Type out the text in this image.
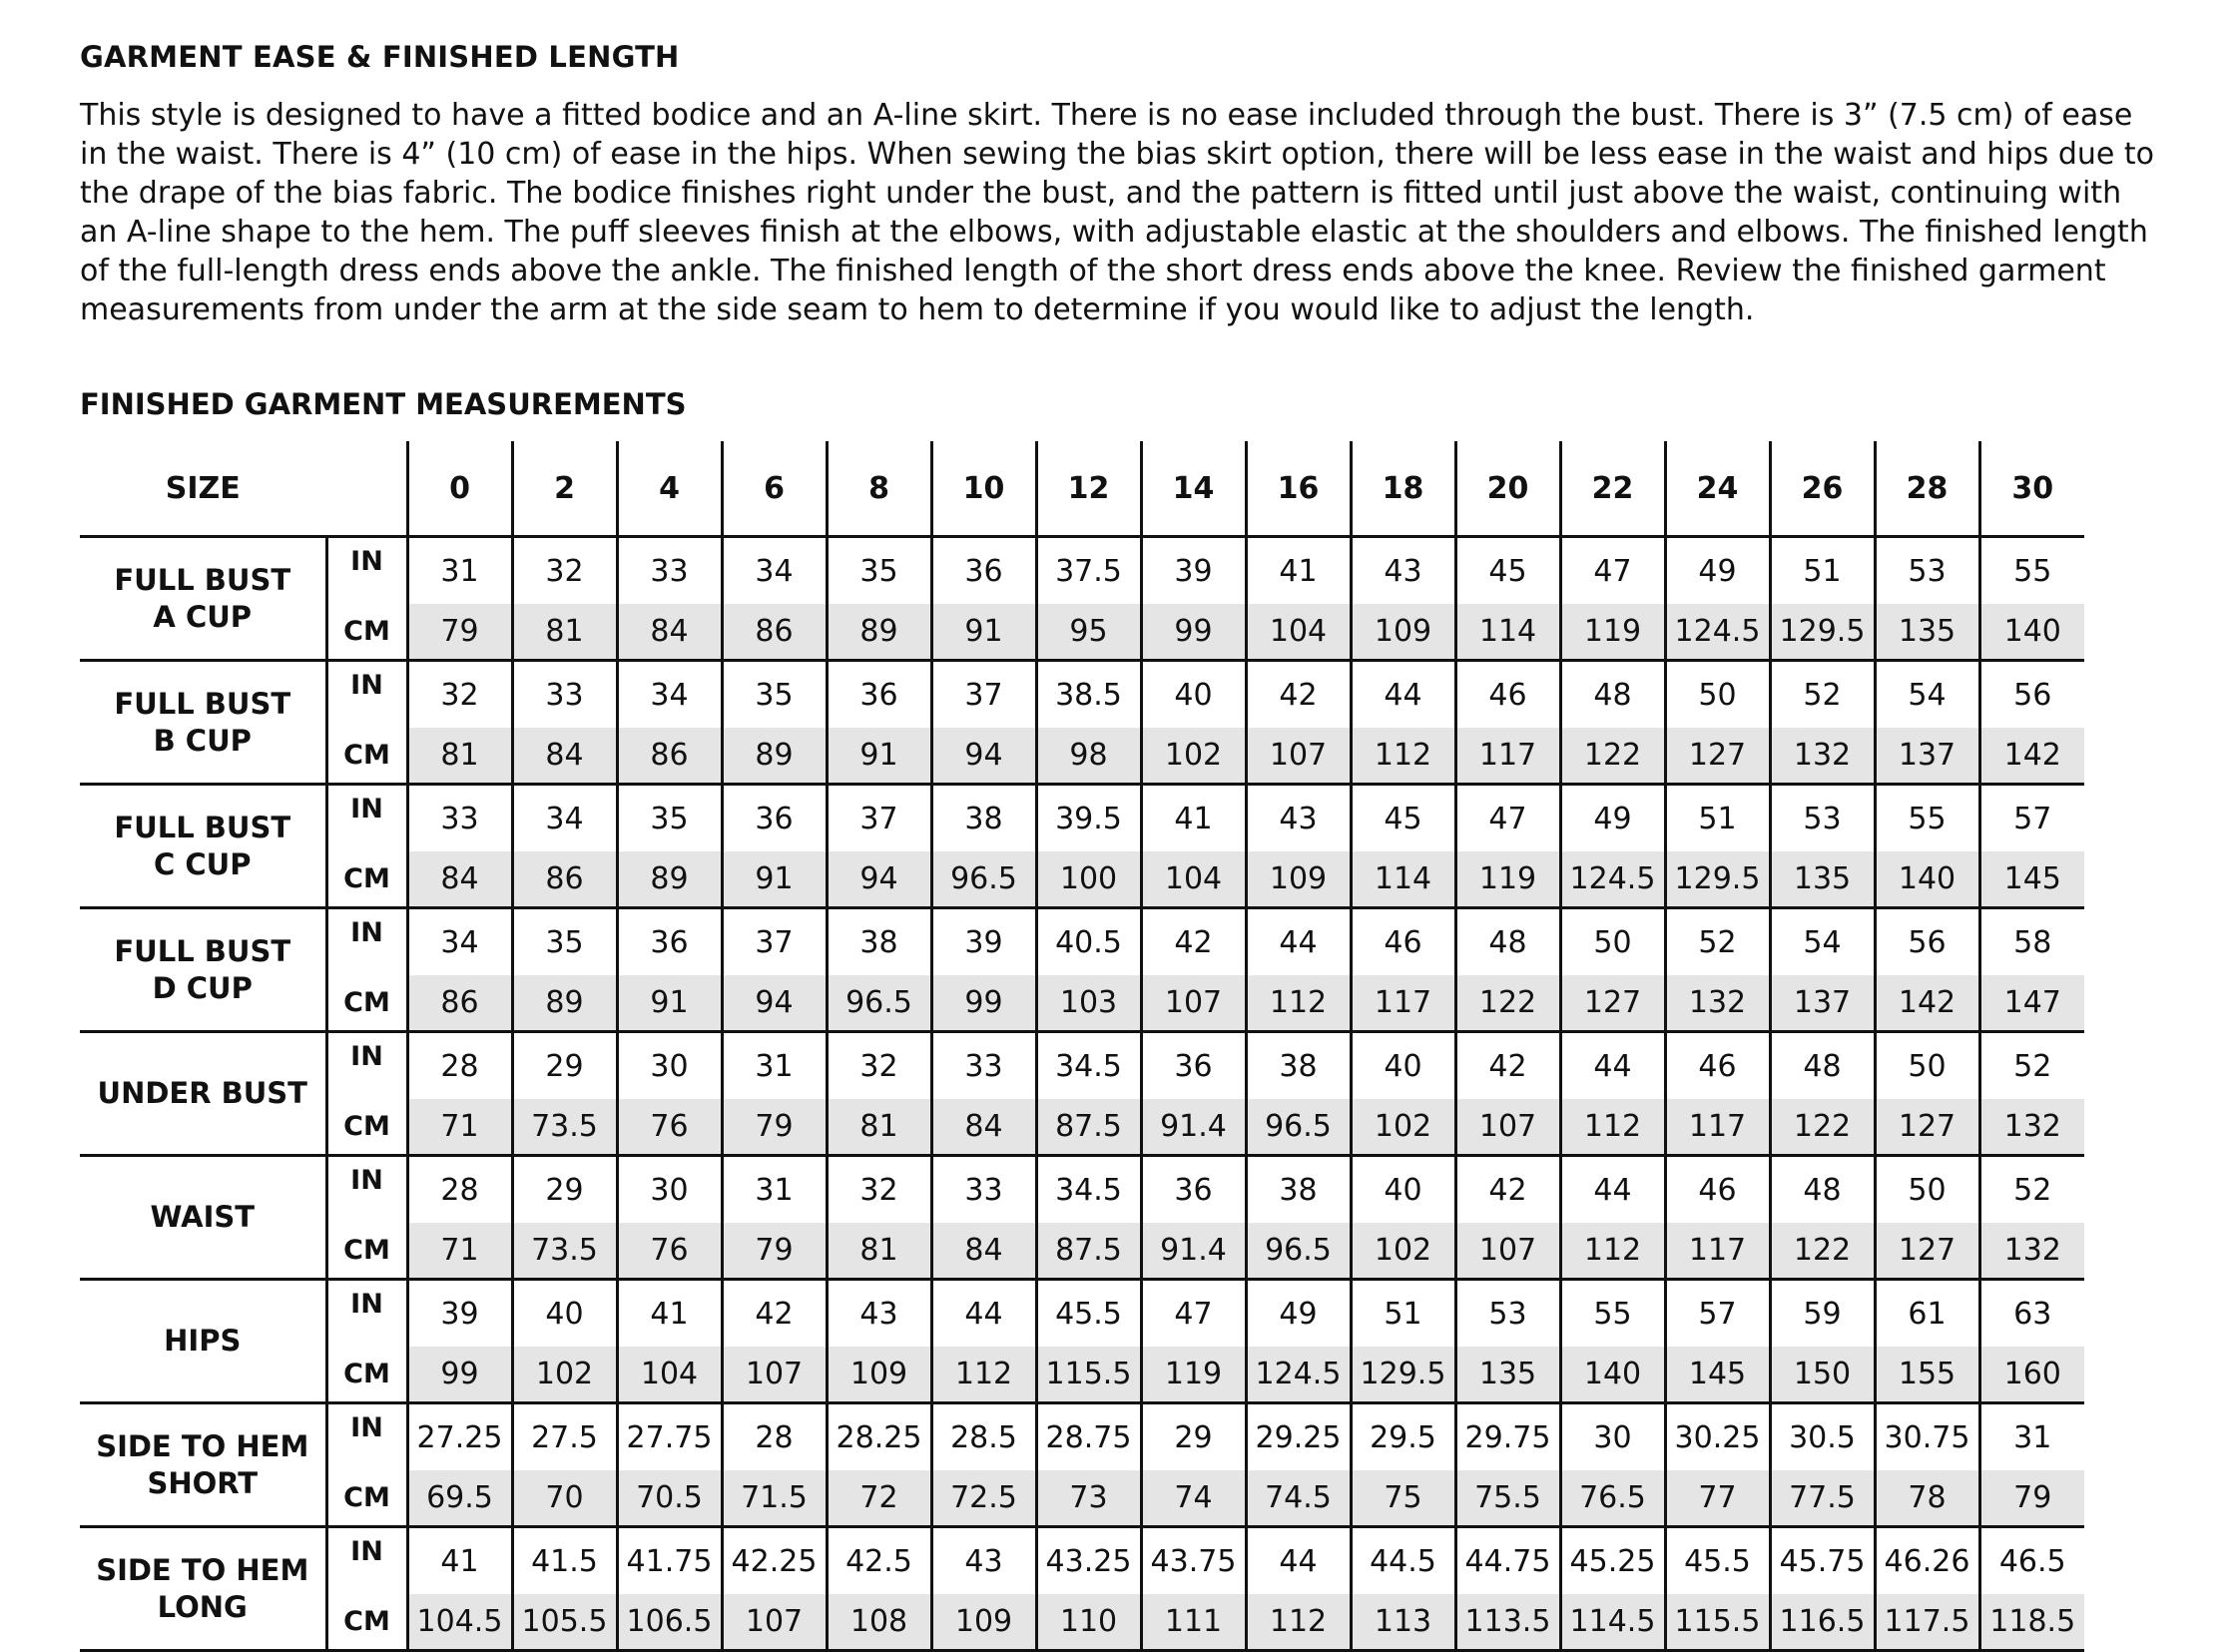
GARMENT EASE & FINISHED LENGTH

This style is designed to have a fitted bodice and an A-line skirt. There is no ease included through the bust. There is 3” (7.5 cm) of ease in the waist. There is 4” (10 cm) of ease in the hips. When sewing the bias skirt option, there will be less ease in the waist and hips due to the drape of the bias fabric. The bodice finishes right under the bust, and the pattern is fitted until just above the waist, continuing with an A-line shape to the hem. The puff sleeves finish at the elbows, with adjustable elastic at the shoulders and elbows. The finished length of the full-length dress ends above the ankle. The finished length of the short dress ends above the knee. Review the finished garment measurements from under the arm at the side seam to hem to determine if you would like to adjust the length.

FINISHED GARMENT MEASUREMENTS
SIZE		0	2	4	6	8	10	12	14	16	18	20	22	24	26	28	30

FULL BUST
A CUP	IN	31	32	33	34	35	36	37.5	39	41	43	45	47	49	51	53	55
	CM	79	81	84	86	89	91	95	99	104	109	114	119	124.5	129.5	135	140

FULL BUST
B CUP	IN	32	33	34	35	36	37	38.5	40	42	44	46	48	50	52	54	56
	CM	81	84	86	89	91	94	98	102	107	112	117	122	127	132	137	142

FULL BUST
C CUP	IN	33	34	35	36	37	38	39.5	41	43	45	47	49	51	53	55	57
	CM	84	86	89	91	94	96.5	100	104	109	114	119	124.5	129.5	135	140	145

FULL BUST
D CUP	IN	34	35	36	37	38	39	40.5	42	44	46	48	50	52	54	56	58
	CM	86	89	91	94	96.5	99	103	107	112	117	122	127	132	137	142	147

UNDER BUST	IN	28	29	30	31	32	33	34.5	36	38	40	42	44	46	48	50	52
	CM	71	73.5	76	79	81	84	87.5	91.4	96.5	102	107	112	117	122	127	132

WAIST	IN	28	29	30	31	32	33	34.5	36	38	40	42	44	46	48	50	52
	CM	71	73.5	76	79	81	84	87.5	91.4	96.5	102	107	112	117	122	127	132

HIPS	IN	39	40	41	42	43	44	45.5	47	49	51	53	55	57	59	61	63
	CM	99	102	104	107	109	112	115.5	119	124.5	129.5	135	140	145	150	155	160

SIDE TO HEM
SHORT	IN	27.25	27.5	27.75	28	28.25	28.5	28.75	29	29.25	29.5	29.75	30	30.25	30.5	30.75	31
	CM	69.5	70	70.5	71.5	72	72.5	73	74	74.5	75	75.5	76.5	77	77.5	78	79

SIDE TO HEM
LONG	IN	41	41.5	41.75	42.25	42.5	43	43.25	43.75	44	44.5	44.75	45.25	45.5	45.75	46.26	46.5
	CM	104.5	105.5	106.5	107	108	109	110	111	112	113	113.5	114.5	115.5	116.5	117.5	118.5
